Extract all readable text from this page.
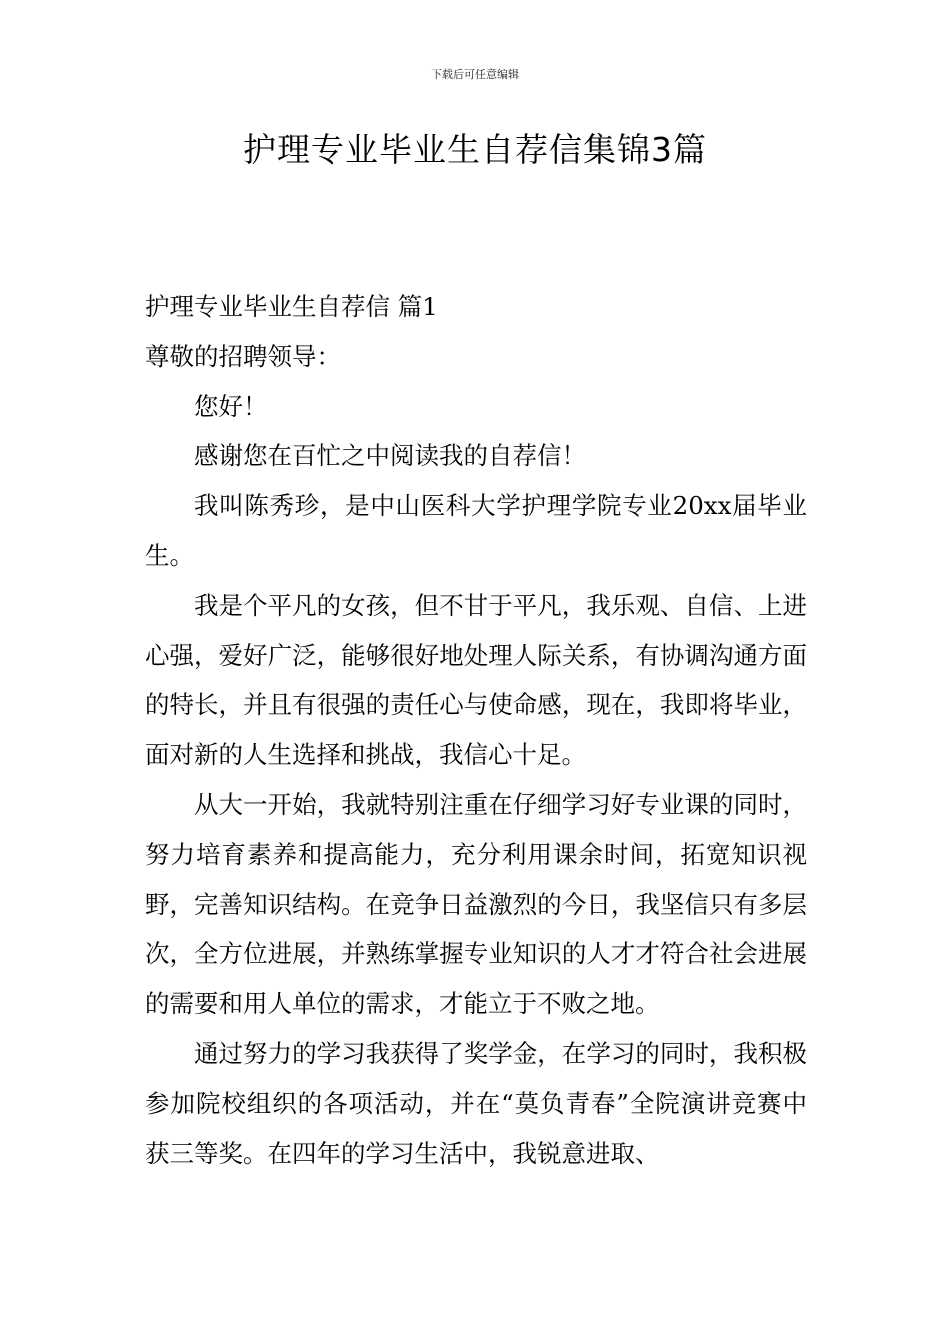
下载后可任意编辑
护理专业毕业生自荐信集锦3篇

护理专业毕业生自荐信 篇1

尊敬的招聘领导：

您好！

感谢您在百忙之中阅读我的自荐信！

我叫陈秀珍，是中山医科大学护理学院专业20xx届毕业生。

我是个平凡的女孩，但不甘于平凡，我乐观、自信、上进心强，爱好广泛，能够很好地处理人际关系，有协调沟通方面的特长，并且有很强的责任心与使命感，现在，我即将毕业，面对新的人生选择和挑战，我信心十足。

从大一开始，我就特别注重在仔细学习好专业课的同时，努力培育素养和提高能力，充分利用课余时间，拓宽知识视野，完善知识结构。在竞争日益激烈的今日，我坚信只有多层次，全方位进展，并熟练掌握专业知识的人才才符合社会进展的需要和用人单位的需求，才能立于不败之地。

通过努力的学习我获得了奖学金，在学习的同时，我积极参加院校组织的各项活动，并在“莫负青春”全院演讲竞赛中获三等奖。在四年的学习生活中，我锐意进取、
